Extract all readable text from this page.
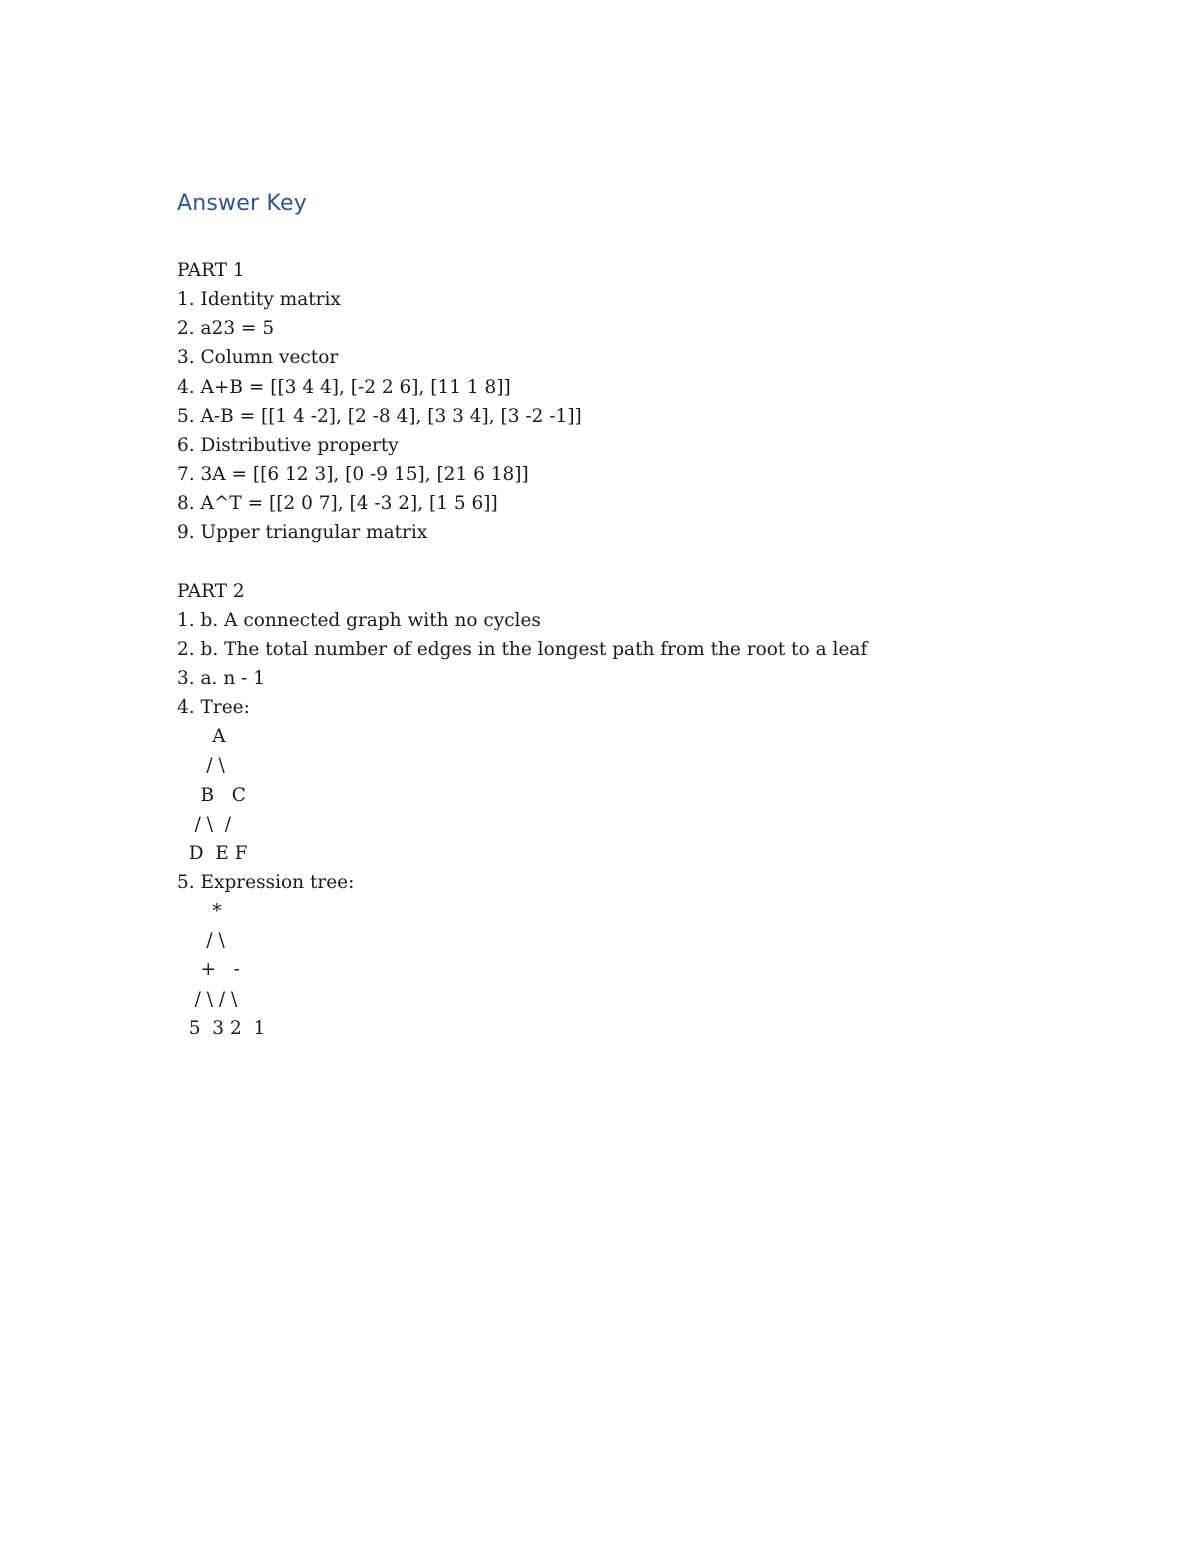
Answer Key
PART 1
1. Identity matrix
2. a23 = 5
3. Column vector
4. A+B = [[3 4 4], [-2 2 6], [11 1 8]]
5. A-B = [[1 4 -2], [2 -8 4], [3 3 4], [3 -2 -1]]
6. Distributive property
7. 3A = [[6 12 3], [0 -9 15], [21 6 18]]
8. A^T = [[2 0 7], [4 -3 2], [1 5 6]]
9. Upper triangular matrix
PART 2
1. b. A connected graph with no cycles
2. b. The total number of edges in the longest path from the root to a leaf
3. a. n - 1
4. Tree:
A
/ \
B   C
/ \  /
D  E F
5. Expression tree:
*
/ \
+   -
/ \ / \
5  3 2  1
